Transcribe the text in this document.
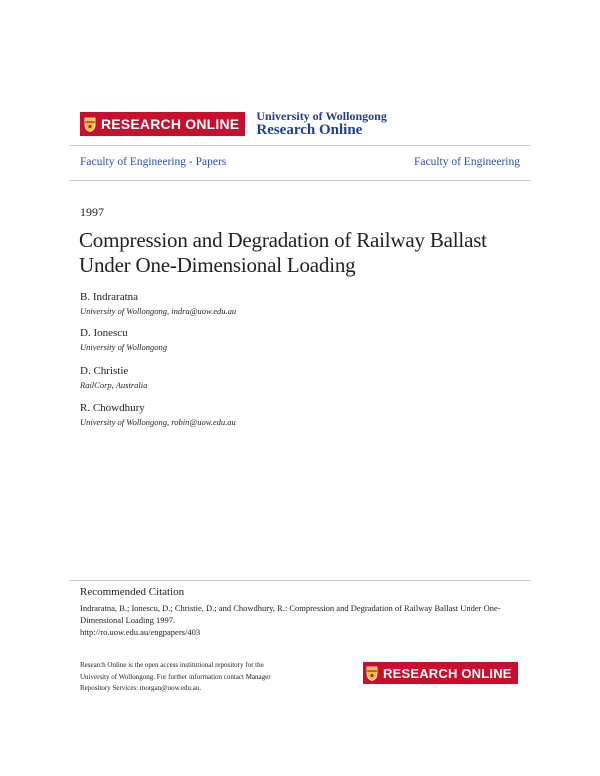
RESEARCH ONLINE
University of Wollongong
Research Online
Faculty of Engineering - Papers	Faculty of Engineering
1997
Compression and Degradation of Railway Ballast
Under One-Dimensional Loading
B. Indraratna
University of Wollongong, indra@uow.edu.au
D. Ionescu
University of Wollongong
D. Christie
RailCorp, Australia
R. Chowdhury
University of Wollongong, robin@uow.edu.au
Recommended Citation
Indraratna, B.; Ionescu, D.; Christie, D.; and Chowdhury, R.: Compression and Degradation of Railway Ballast Under One-
Dimensional Loading 1997.
http://ro.uow.edu.au/engpapers/403
Research Online is the open access institutional repository for the
University of Wollongong. For further information contact Manager
Repository Services: morgan@uow.edu.au.
RESEARCH ONLINE
